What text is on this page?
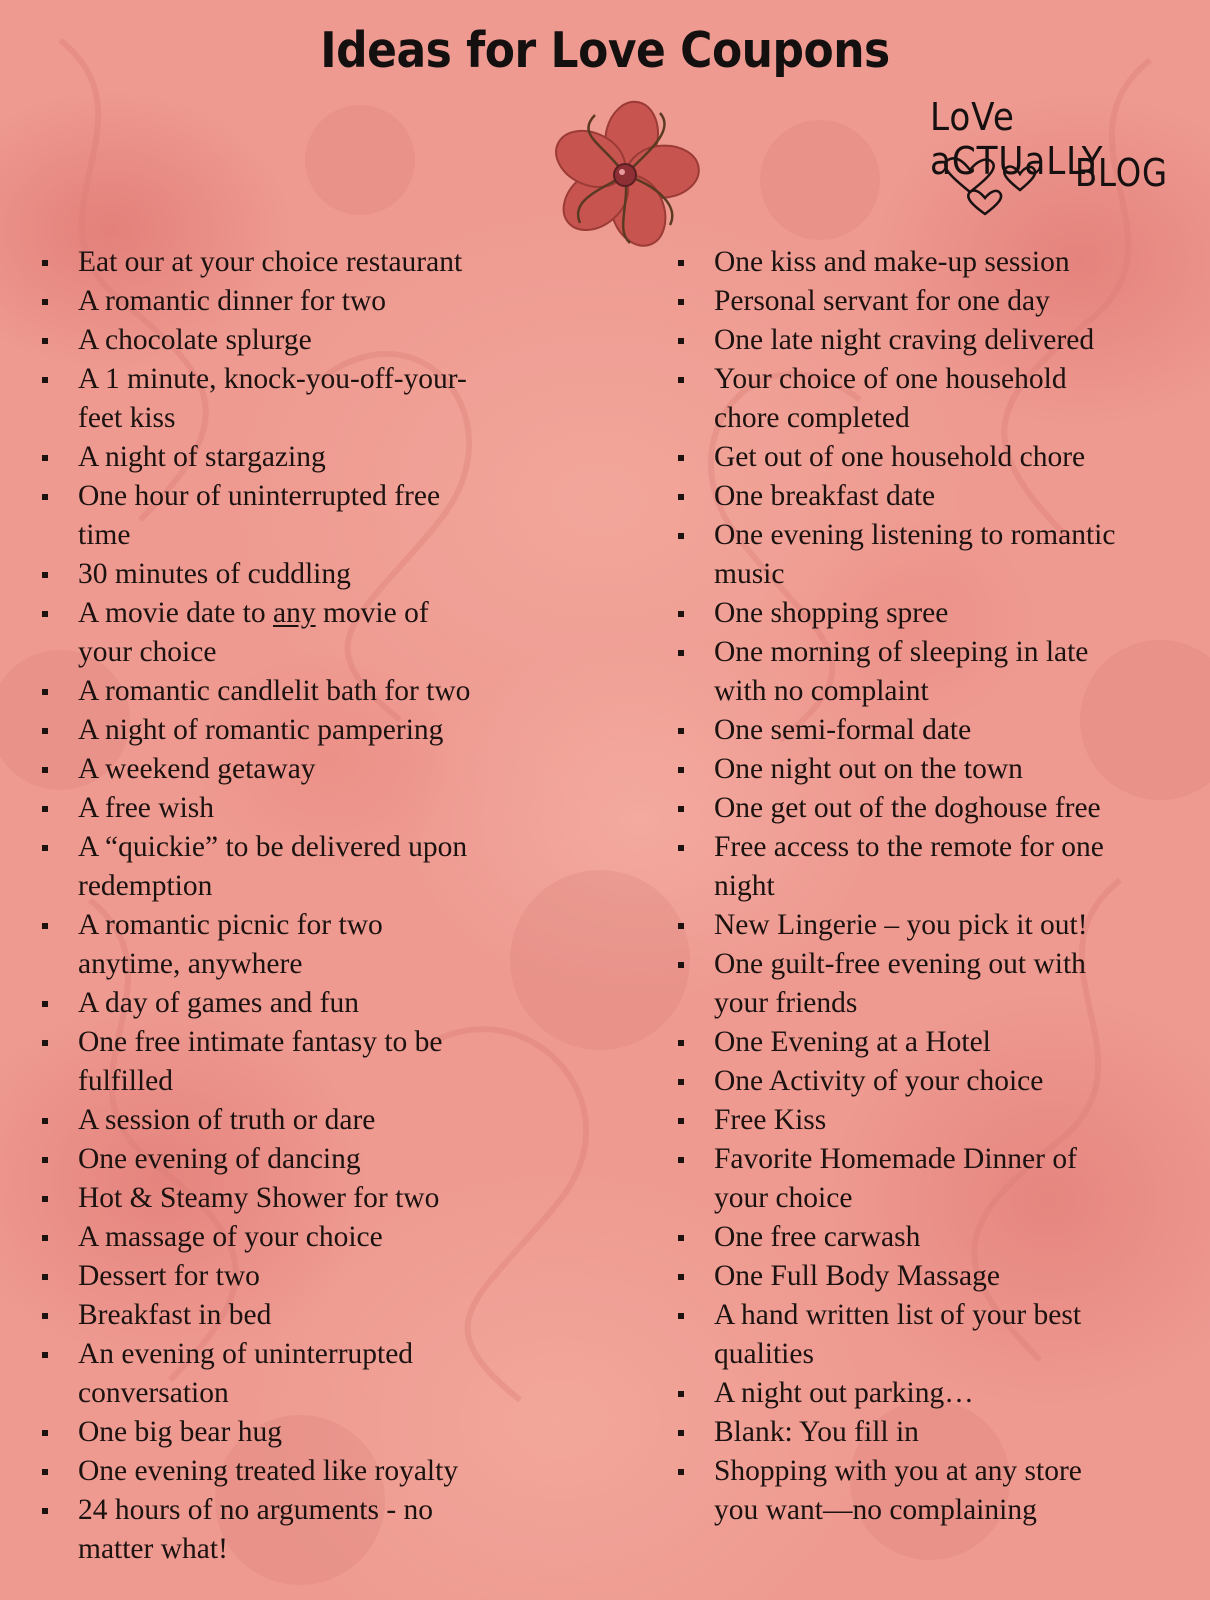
Ideas for Love Coupons
LoVe aCTUaLLY
BLOG
Eat our at your choice restaurant
A romantic dinner for two
A chocolate splurge
A 1 minute, knock-you-off-your-
feet kiss
A night of stargazing
One hour of uninterrupted free
time
30 minutes of cuddling
A movie date to any movie of
your choice
A romantic candlelit bath for two
A night of romantic pampering
A weekend getaway
A free wish
A “quickie” to be delivered upon
redemption
A romantic picnic for two
anytime, anywhere
A day of games and fun
One free intimate fantasy to be
fulfilled
A session of truth or dare
One evening of dancing
Hot & Steamy Shower for two
A massage of your choice
Dessert for two
Breakfast in bed
An evening of uninterrupted
conversation
One big bear hug
One evening treated like royalty
24 hours of no arguments - no
matter what!
One kiss and make-up session
Personal servant for one day
One late night craving delivered
Your choice of one household
chore completed
Get out of one household chore
One breakfast date
One evening listening to romantic
music
One shopping spree
One morning of sleeping in late
with no complaint
One semi-formal date
One night out on the town
One get out of the doghouse free
Free access to the remote for one
night
New Lingerie – you pick it out!
One guilt-free evening out with
your friends
One Evening at a Hotel
One Activity of your choice
Free Kiss
Favorite Homemade Dinner of
your choice
One free carwash
One Full Body Massage
A hand written list of your best
qualities
A night out parking…
Blank: You fill in
Shopping with you at any store
you want—no complaining
